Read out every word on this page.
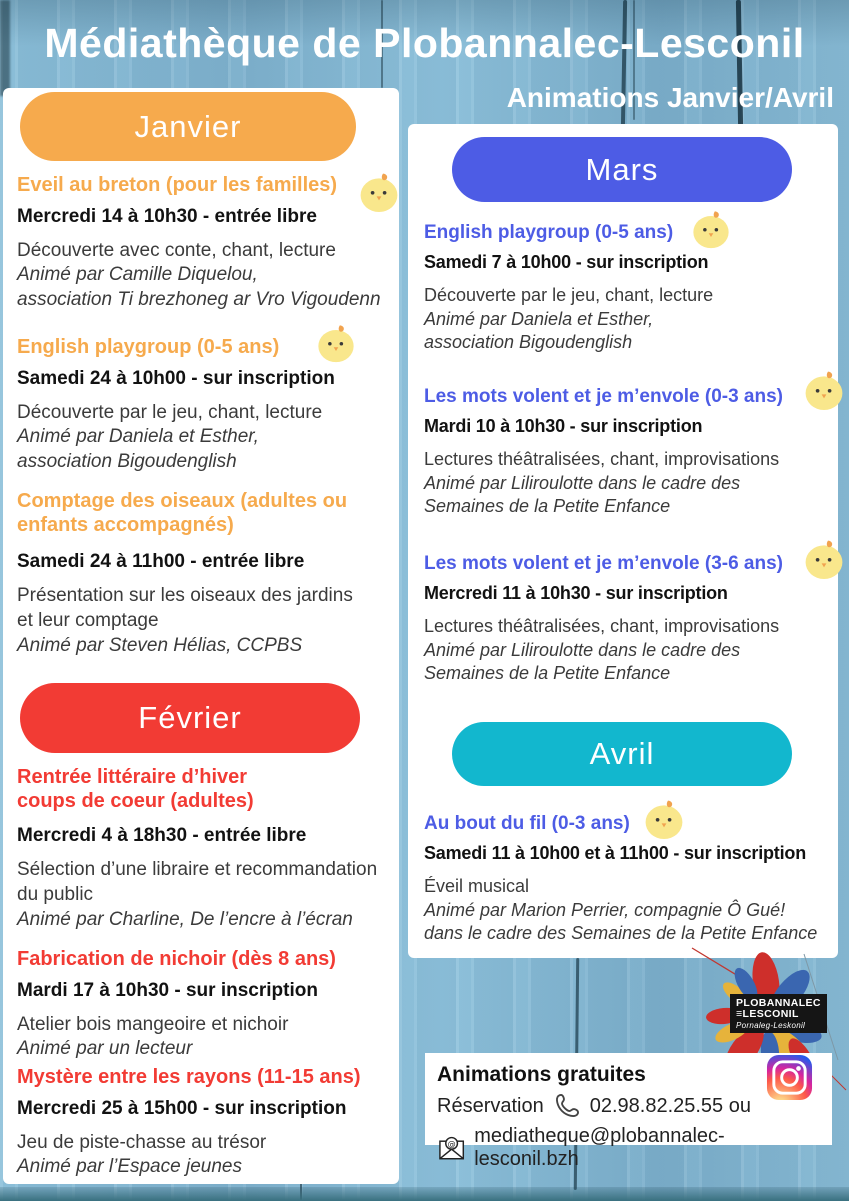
Médiathèque de Plobannalec-Lesconil
Animations Janvier/Avril
Janvier
Eveil au breton (pour les familles)
Mercredi 14 à 10h30 - entrée libre
Découverte avec conte, chant, lecture
Animé par Camille Diquelou,
association Ti brezhoneg ar Vro Vigoudenn
English playgroup (0-5 ans)
Samedi 24 à 10h00 - sur inscription
Découverte par le jeu, chant, lecture
Animé par Daniela et Esther,
association Bigoudenglish
Comptage des oiseaux (adultes ou
enfants accompagnés)
Samedi 24 à 11h00 - entrée libre
Présentation sur les oiseaux des jardins
et leur comptage
Animé par Steven Hélias, CCPBS
Février
Rentrée littéraire d’hiver
coups de coeur (adultes)
Mercredi 4 à 18h30 - entrée libre
Sélection d’une libraire et recommandation
du public
Animé par Charline, De l’encre à l’écran
Fabrication de nichoir (dès 8 ans)
Mardi 17 à 10h30 - sur inscription
Atelier bois mangeoire et nichoir
Animé par un lecteur
Mystère entre les rayons (11-15 ans)
Mercredi 25 à 15h00 - sur inscription
Jeu de piste-chasse au trésor
Animé par l’Espace jeunes
Mars
English playgroup (0-5 ans)
Samedi 7 à 10h00 - sur inscription
Découverte par le jeu, chant, lecture
Animé par Daniela et Esther,
association Bigoudenglish
Les mots volent et je m’envole (0-3 ans)
Mardi 10 à 10h30 - sur inscription
Lectures théâtralisées, chant, improvisations
Animé par Liliroulotte dans le cadre des
Semaines de la Petite Enfance
Les mots volent et je m’envole (3-6 ans)
Mercredi 11 à 10h30 - sur inscription
Lectures théâtralisées, chant, improvisations
Animé par Liliroulotte dans le cadre des
Semaines de la Petite Enfance
Avril
Au bout du fil (0-3 ans)
Samedi 11 à 10h00 et à 11h00 - sur inscription
Éveil musical
Animé par Marion Perrier, compagnie Ô Gué!
dans le cadre des Semaines de la Petite Enfance
PLOBANNALEC
≡LESCONIL
Pornaleg-Leskonil
Animations gratuites
Réservation 02.98.82.25.55 ou
@ mediatheque@plobannalec-lesconil.bzh
